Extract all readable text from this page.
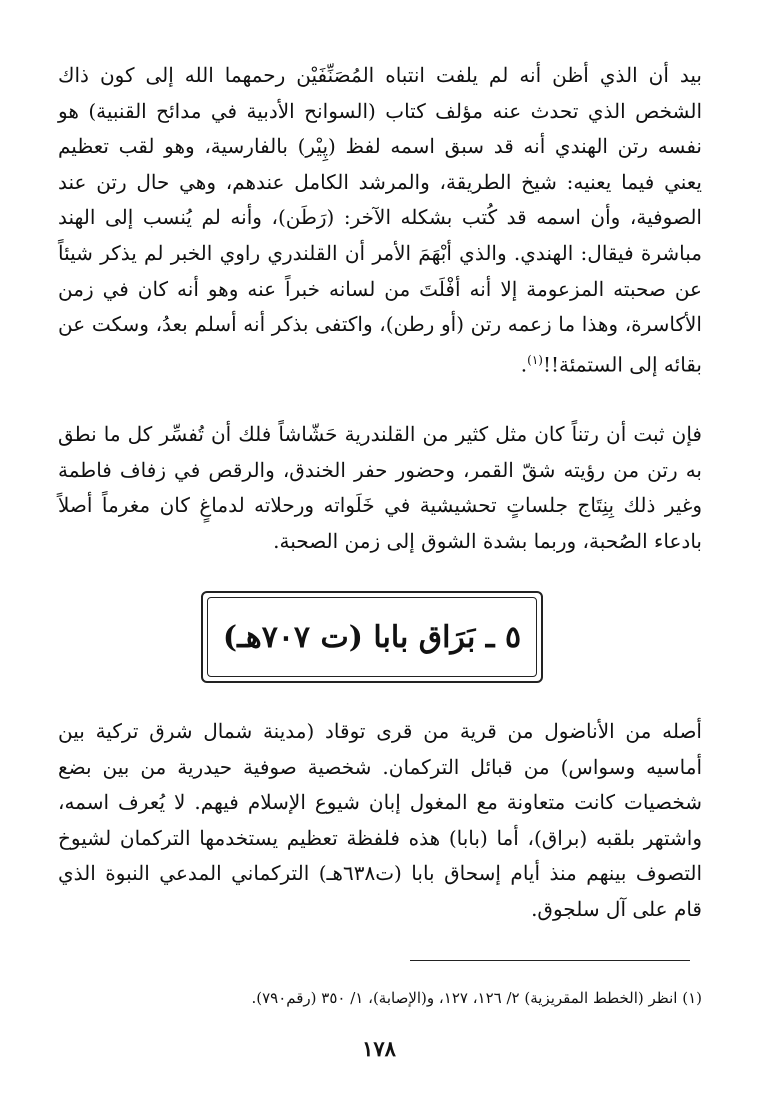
بيد أن الذي أظن أنه لم يلفت انتباه المُصَنِّفَيْن رحمهما الله إلى كون ذاك الشخص الذي تحدث عنه مؤلف كتاب (السوانح الأدبية في مدائح القنبية) هو نفسه رتن الهندي أنه قد سبق اسمه لفظ (پِيْر) بالفارسية، وهو لقب تعظيم يعني فيما يعنيه: شيخ الطريقة، والمرشد الكامل عندهم، وهي حال رتن عند الصوفية، وأن اسمه قد كُتب بشكله الآخر: (رَطَن)، وأنه لم يُنسب إلى الهند مباشرة فيقال: الهندي. والذي أبْهَمَ الأمر أن القلندري راوي الخبر لم يذكر شيئاً عن صحبته المزعومة إلا أنه أفْلَتَ من لسانه خبراً عنه وهو أنه كان في زمن الأكاسرة، وهذا ما زعمه رتن (أو رطن)، واكتفى بذكر أنه أسلم بعدُ، وسكت عن بقائه إلى الستمئة!!$^{(١)}$.

فإن ثبت أن رتناً كان مثل كثير من القلندرية حَشّاشاً فلك أن تُفسِّر كل ما نطق به رتن من رؤيته شقّ القمر، وحضور حفر الخندق، والرقص في زفاف فاطمة وغير ذلك بِنِتَاج جلساتٍ تحشيشية في خَلَواته ورحلاته لدماغٍ كان مغرماً أصلاً بادعاء الصُحبة، وربما بشدة الشوق إلى زمن الصحبة.

٥ ـ بَرَاق بابا (ت ٧٠٧هـ)

أصله من الأناضول من قرية من قرى توقاد (مدينة شمال شرق تركية بين أماسيه وسواس) من قبائل التركمان. شخصية صوفية حيدرية من بين بضع شخصيات كانت متعاونة مع المغول إبان شيوع الإسلام فيهم. لا يُعرف اسمه، واشتهر بلقبه (براق)، أما (بابا) هذه فلفظة تعظيم يستخدمها التركمان لشيوخ التصوف بينهم منذ أيام إسحاق بابا (ت٦٣٨هـ) التركماني المدعي النبوة الذي قام على آل سلجوق.

(١) انظر (الخطط المقريزية) ٢/ ١٢٦، ١٢٧، و(الإصابة)، ١/ ٣٥٠ (رقم٧٩٠).
١٧٨
